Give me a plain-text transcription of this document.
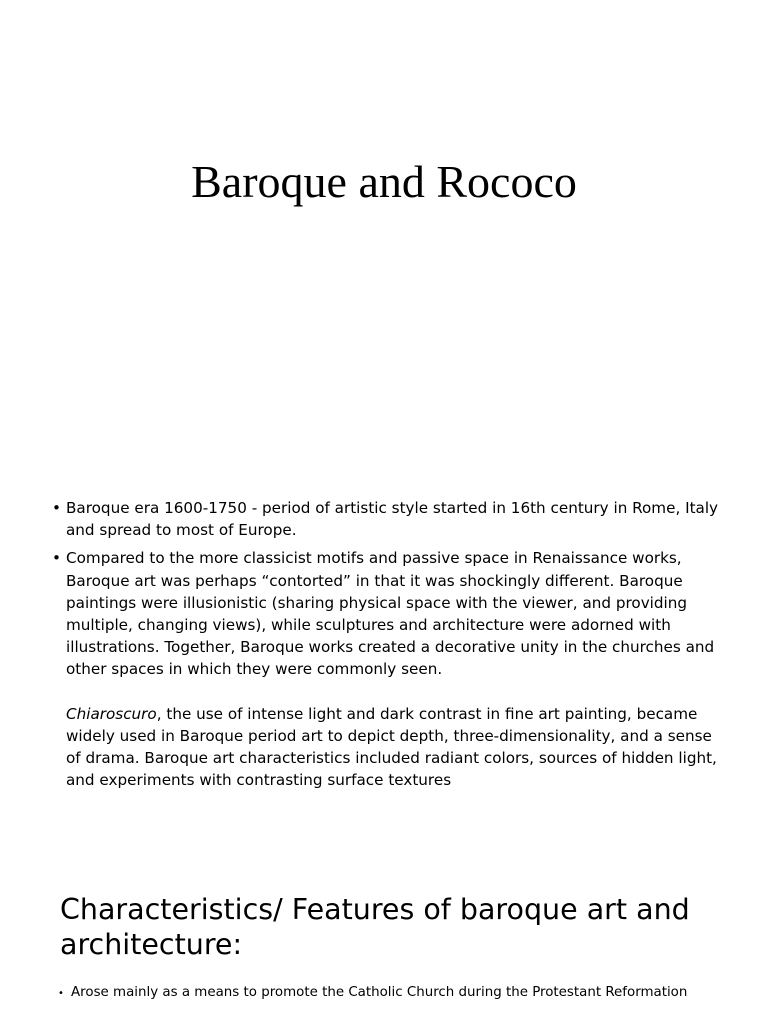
Baroque and Rococo
• Baroque era 1600-1750 - period of artistic style started in 16th century in Rome, Italy and spread to most of Europe.
• Compared to the more classicist motifs and passive space in Renaissance works, Baroque art was perhaps “contorted” in that it was shockingly different. Baroque paintings were illusionistic (sharing physical space with the viewer, and providing multiple, changing views), while sculptures and architecture were adorned with illustrations. Together, Baroque works created a decorative unity in the churches and other spaces in which they were commonly seen.
Chiaroscuro, the use of intense light and dark contrast in fine art painting, became widely used in Baroque period art to depict depth, three-dimensionality, and a sense of drama. Baroque art characteristics included radiant colors, sources of hidden light, and experiments with contrasting surface textures
Characteristics/ Features of baroque art and architecture:
• Arose mainly as a means to promote the Catholic Church during the Protestant Reformation
